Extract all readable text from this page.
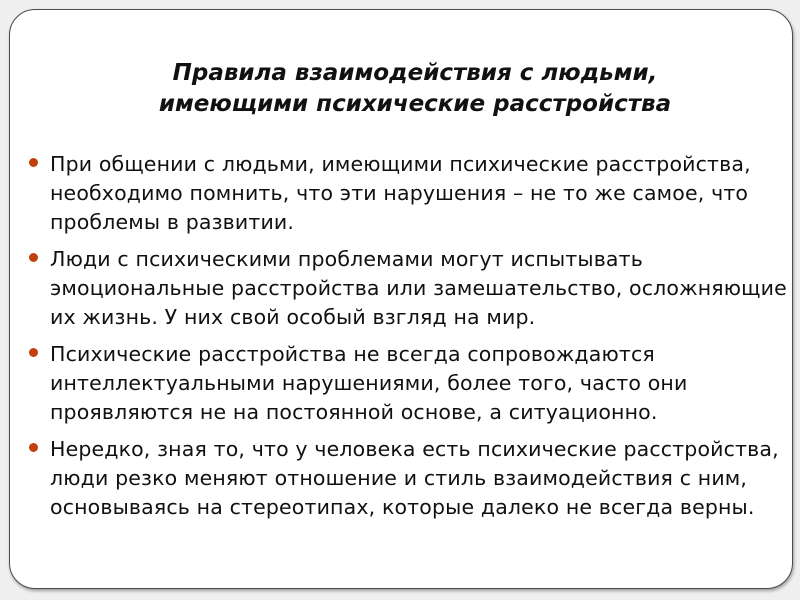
Правила взаимодействия с людьми,
имеющими психические расстройства
При общении с людьми, имеющими психические расстройства, необходимо помнить, что эти нарушения – не то же самое, что проблемы в развитии.
Люди с психическими проблемами могут испытывать эмоциональные расстройства или замешательство, осложняющие их жизнь. У них свой особый взгляд на мир.
Психические расстройства не всегда сопровождаются интеллектуальными нарушениями, более того, часто они проявляются не на постоянной основе, а ситуационно.
Нередко, зная то, что у человека есть психические расстройства, люди резко меняют отношение и стиль взаимодействия с ним, основываясь на стереотипах, которые далеко не всегда верны.
